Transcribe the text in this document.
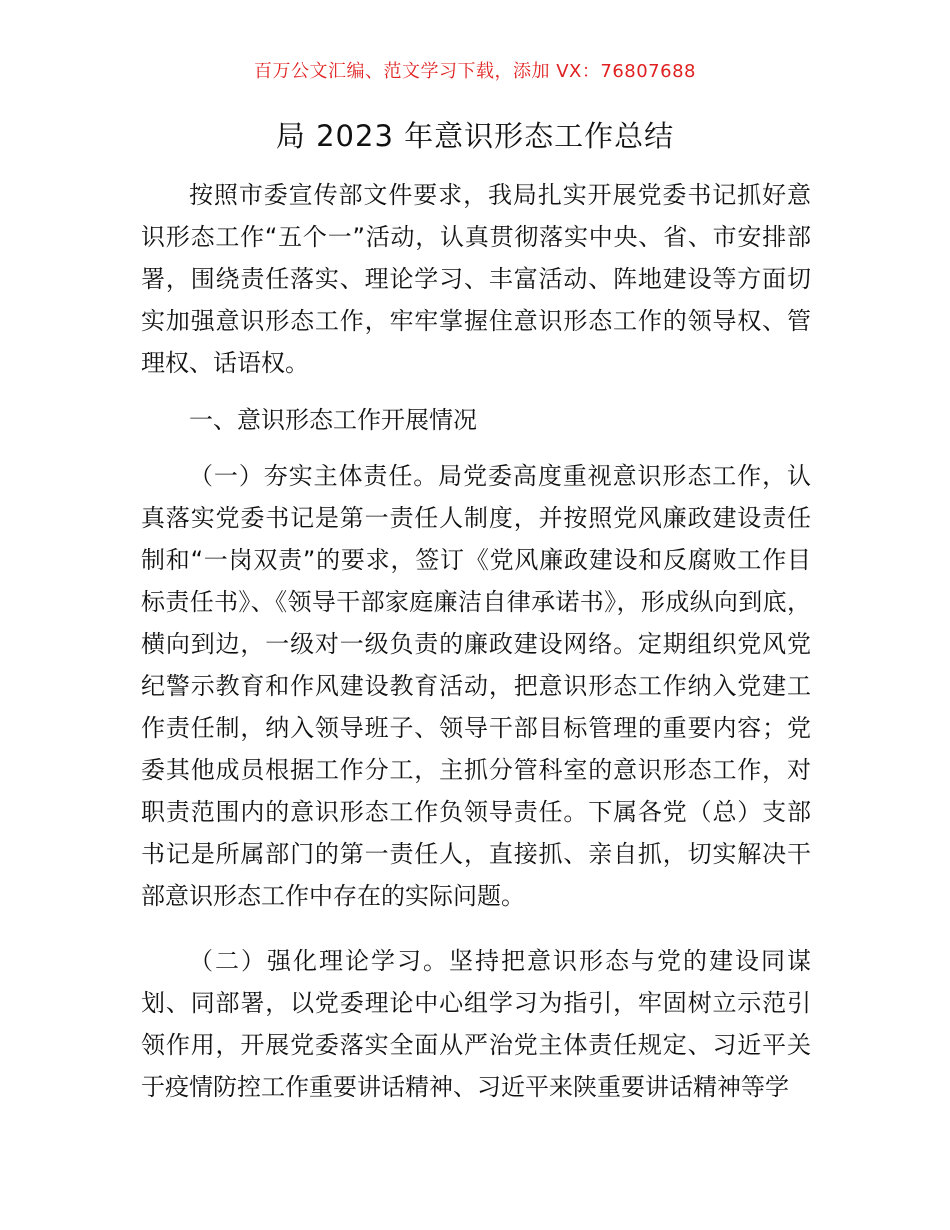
百万公文汇编、范文学习下载，添加 VX：76807688
局 2023 年意识形态工作总结

按照市委宣传部文件要求，我局扎实开展党委书记抓好意识形态工作“五个一”活动，认真贯彻落实中央、省、市安排部署，围绕责任落实、理论学习、丰富活动、阵地建设等方面切实加强意识形态工作，牢牢掌握住意识形态工作的领导权、管理权、话语权。

一、意识形态工作开展情况

（一）夯实主体责任。局党委高度重视意识形态工作，认真落实党委书记是第一责任人制度，并按照党风廉政建设责任制和“一岗双责”的要求，签订《党风廉政建设和反腐败工作目标责任书》、《领导干部家庭廉洁自律承诺书》，形成纵向到底，横向到边，一级对一级负责的廉政建设网络。定期组织党风党纪警示教育和作风建设教育活动，把意识形态工作纳入党建工作责任制，纳入领导班子、领导干部目标管理的重要内容；党委其他成员根据工作分工，主抓分管科室的意识形态工作，对职责范围内的意识形态工作负领导责任。下属各党（总）支部书记是所属部门的第一责任人，直接抓、亲自抓，切实解决干部意识形态工作中存在的实际问题。

（二）强化理论学习。坚持把意识形态与党的建设同谋划、同部署，以党委理论中心组学习为指引，牢固树立示范引领作用，开展党委落实全面从严治党主体责任规定、习近平关于疫情防控工作重要讲话精神、习近平来陕重要讲话精神等学
